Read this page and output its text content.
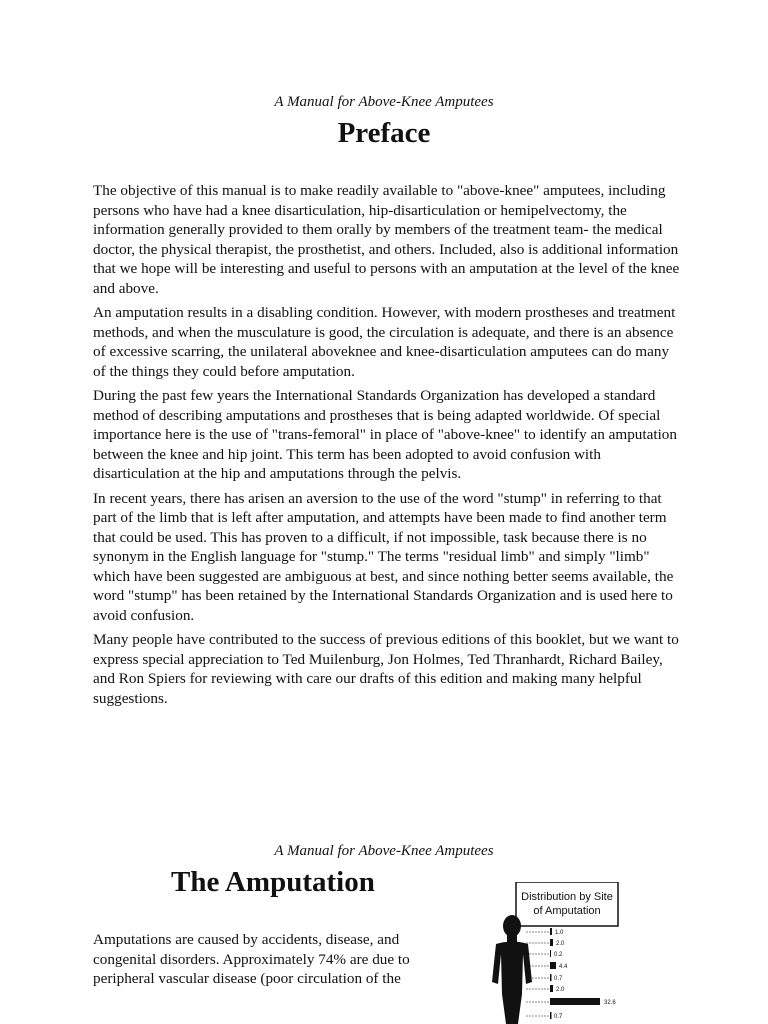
A Manual for Above-Knee Amputees
Preface

The objective of this manual is to make readily available to "above-knee" amputees, including persons who have had a knee disarticulation, hip-disarticulation or hemipelvectomy, the information generally provided to them orally by members of the treatment team- the medical doctor, the physical therapist, the prosthetist, and others. Included, also is additional information that we hope will be interesting and useful to persons with an amputation at the level of the knee and above.

An amputation results in a disabling condition. However, with modern prostheses and treatment methods, and when the musculature is good, the circulation is adequate, and there is an absence of excessive scarring, the unilateral aboveknee and knee-disarticulation amputees can do many of the things they could before amputation.

During the past few years the International Standards Organization has developed a standard method of describing amputations and prostheses that is being adapted worldwide. Of special importance here is the use of "trans-femoral" in place of "above-knee" to identify an amputation between the knee and hip joint. This term has been adopted to avoid confusion with disarticulation at the hip and amputations through the pelvis.

In recent years, there has arisen an aversion to the use of the word "stump" in referring to that part of the limb that is left after amputation, and attempts have been made to find another term that could be used. This has proven to a difficult, if not impossible, task because there is no synonym in the English language for "stump." The terms "residual limb" and simply "limb" which have been suggested are ambiguous at best, and since nothing better seems available, the word "stump" has been retained by the International Standards Organization and is used here to avoid confusion.

Many people have contributed to the success of previous editions of this booklet, but we want to express special appreciation to Ted Muilenburg, Jon Holmes, Ted Thranhardt, Richard Bailey, and Ron Spiers for reviewing with care our drafts of this edition and making many helpful suggestions.

A Manual for Above-Knee Amputees
The Amputation

Amputations are caused by accidents, disease, and congenital disorders. Approximately 74% are due to peripheral vascular disease (poor circulation of the

Distribution by Site
of Amputation
1.0
2.0
0.2
4.4
0.7
2.0
32.6
0.7
